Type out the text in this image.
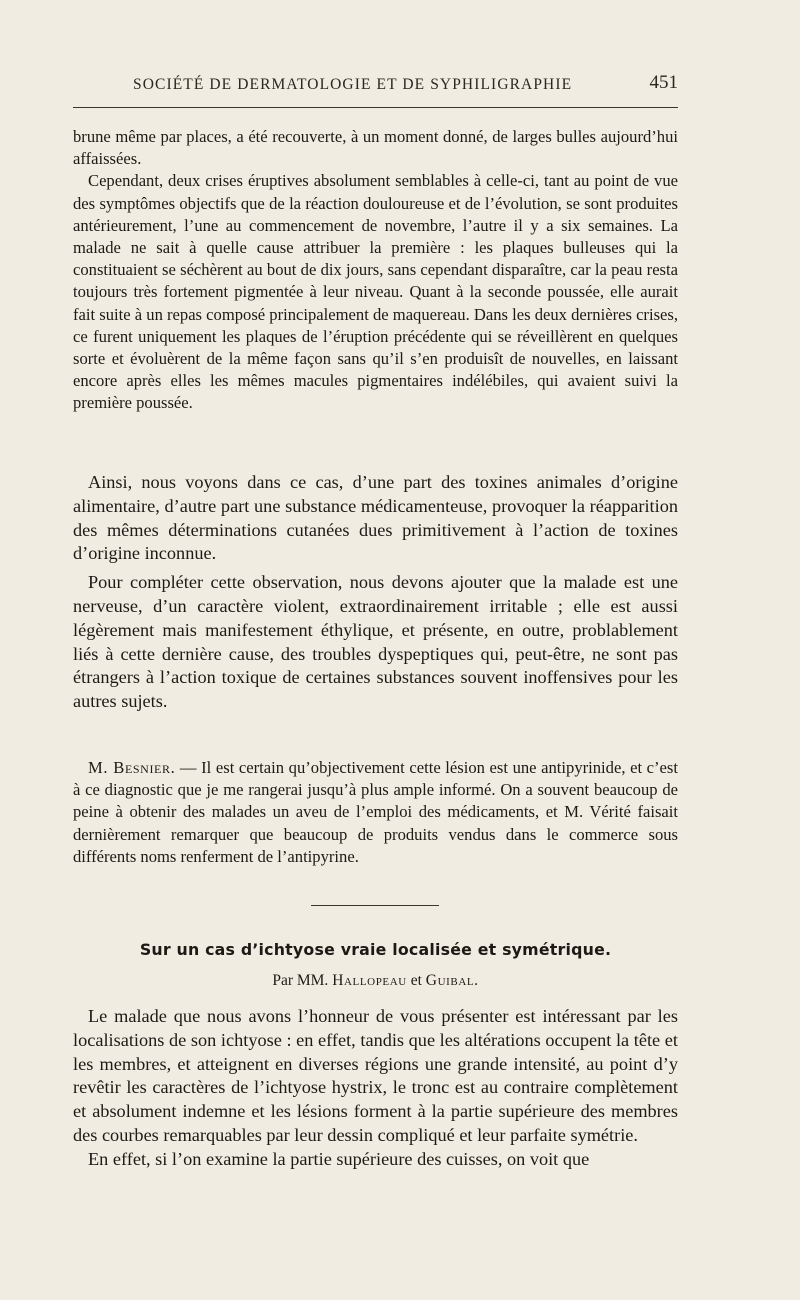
SOCIÉTÉ DE DERMATOLOGIE ET DE SYPHILIGRAPHIE	451

brune même par places, a été recouverte, à un moment donné, de larges bulles aujourd’hui affaissées.

Cependant, deux crises éruptives absolument semblables à celle-ci, tant au point de vue des symptômes objectifs que de la réaction douloureuse et de l’évolution, se sont produites antérieurement, l’une au commencement de novembre, l’autre il y a six semaines. La malade ne sait à quelle cause attribuer la première : les plaques bulleuses qui la constituaient se séchèrent au bout de dix jours, sans cependant disparaître, car la peau resta toujours très fortement pigmentée à leur niveau. Quant à la seconde poussée, elle aurait fait suite à un repas composé principalement de maquereau. Dans les deux dernières crises, ce furent uniquement les plaques de l’éruption précédente qui se réveillèrent en quelques sorte et évoluèrent de la même façon sans qu’il s’en produisît de nouvelles, en laissant encore après elles les mêmes macules pigmentaires indélébiles, qui avaient suivi la première poussée.

Ainsi, nous voyons dans ce cas, d’une part des toxines animales d’origine alimentaire, d’autre part une substance médicamenteuse, provoquer la réapparition des mêmes déterminations cutanées dues primitivement à l’action de toxines d’origine inconnue.

Pour compléter cette observation, nous devons ajouter que la malade est une nerveuse, d’un caractère violent, extraordinairement irritable ; elle est aussi légèrement mais manifestement éthylique, et présente, en outre, problablement liés à cette dernière cause, des troubles dyspeptiques qui, peut-être, ne sont pas étrangers à l’action toxique de certaines substances souvent inoffensives pour les autres sujets.

M. Besnier. — Il est certain qu’objectivement cette lésion est une antipyrinide, et c’est à ce diagnostic que je me rangerai jusqu’à plus ample informé. On a souvent beaucoup de peine à obtenir des malades un aveu de l’emploi des médicaments, et M. Vérité faisait dernièrement remarquer que beaucoup de produits vendus dans le commerce sous différents noms renferment de l’antipyrine.

Sur un cas d’ichtyose vraie localisée et symétrique.
Par MM. Hallopeau et Guibal.

Le malade que nous avons l’honneur de vous présenter est intéressant par les localisations de son ichtyose : en effet, tandis que les altérations occupent la tête et les membres, et atteignent en diverses régions une grande intensité, au point d’y revêtir les caractères de l’ichtyose hystrix, le tronc est au contraire complètement et absolument indemne et les lésions forment à la partie supérieure des membres des courbes remarquables par leur dessin compliqué et leur parfaite symétrie.

En effet, si l’on examine la partie supérieure des cuisses, on voit que
